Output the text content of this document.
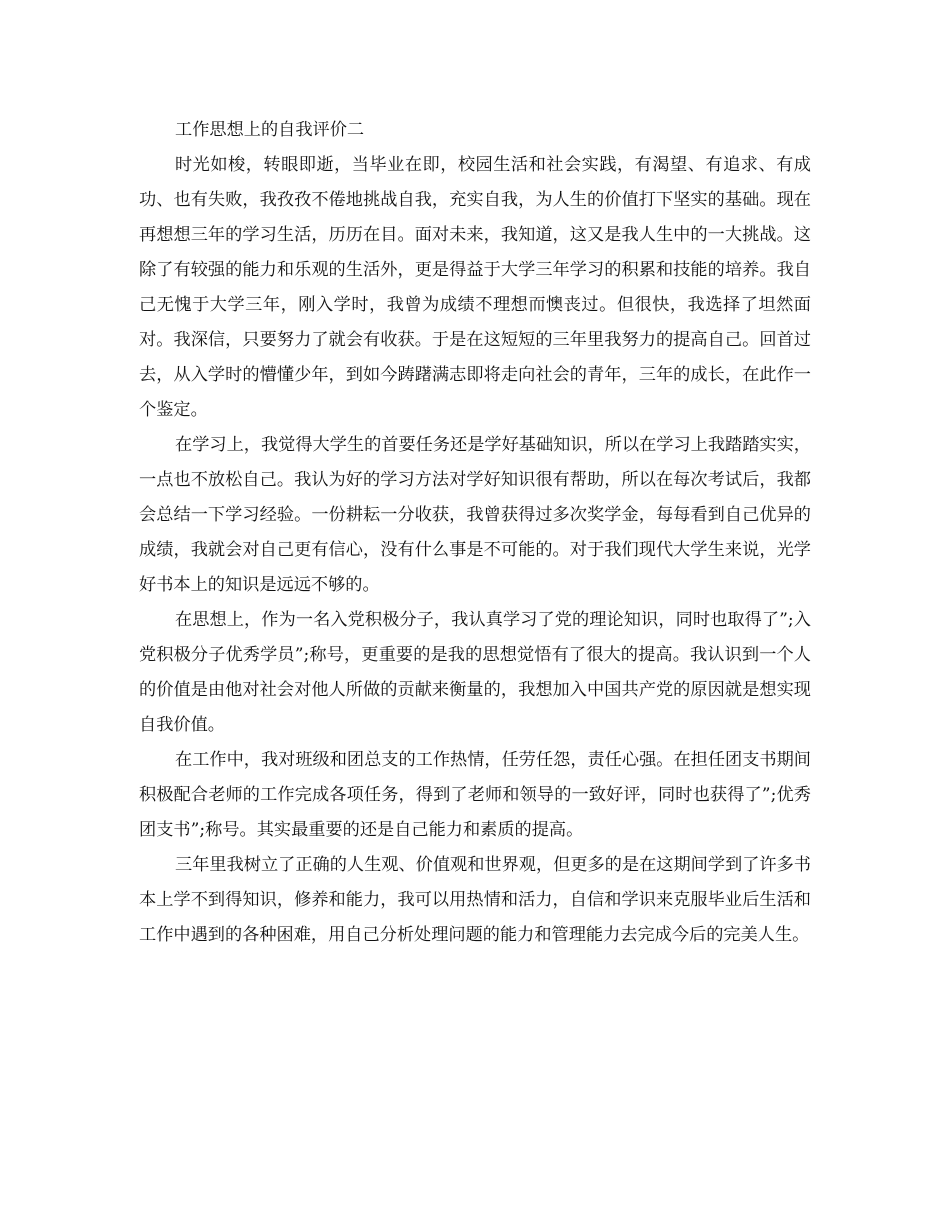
工作思想上的自我评价二

时光如梭，转眼即逝，当毕业在即，校园生活和社会实践，有渴望、有追求、有成功、也有失败，我孜孜不倦地挑战自我，充实自我，为人生的价值打下坚实的基础。现在再想想三年的学习生活，历历在目。面对未来，我知道，这又是我人生中的一大挑战。这除了有较强的能力和乐观的生活外，更是得益于大学三年学习的积累和技能的培养。我自己无愧于大学三年，刚入学时，我曾为成绩不理想而懊丧过。但很快，我选择了坦然面对。我深信，只要努力了就会有收获。于是在这短短的三年里我努力的提高自己。回首过去，从入学时的懵懂少年，到如今踌躇满志即将走向社会的青年，三年的成长，在此作一个鉴定。

在学习上，我觉得大学生的首要任务还是学好基础知识，所以在学习上我踏踏实实，一点也不放松自己。我认为好的学习方法对学好知识很有帮助，所以在每次考试后，我都会总结一下学习经验。一份耕耘一分收获，我曾获得过多次奖学金，每每看到自己优异的成绩，我就会对自己更有信心，没有什么事是不可能的。对于我们现代大学生来说，光学好书本上的知识是远远不够的。

在思想上，作为一名入党积极分子，我认真学习了党的理论知识，同时也取得了”;入党积极分子优秀学员”;称号，更重要的是我的思想觉悟有了很大的提高。我认识到一个人的价值是由他对社会对他人所做的贡献来衡量的，我想加入中国共产党的原因就是想实现自我价值。

在工作中，我对班级和团总支的工作热情，任劳任怨，责任心强。在担任团支书期间积极配合老师的工作完成各项任务，得到了老师和领导的一致好评，同时也获得了”;优秀团支书”;称号。其实最重要的还是自己能力和素质的提高。

三年里我树立了正确的人生观、价值观和世界观，但更多的是在这期间学到了许多书本上学不到得知识，修养和能力，我可以用热情和活力，自信和学识来克服毕业后生活和工作中遇到的各种困难，用自己分析处理问题的能力和管理能力去完成今后的完美人生。
